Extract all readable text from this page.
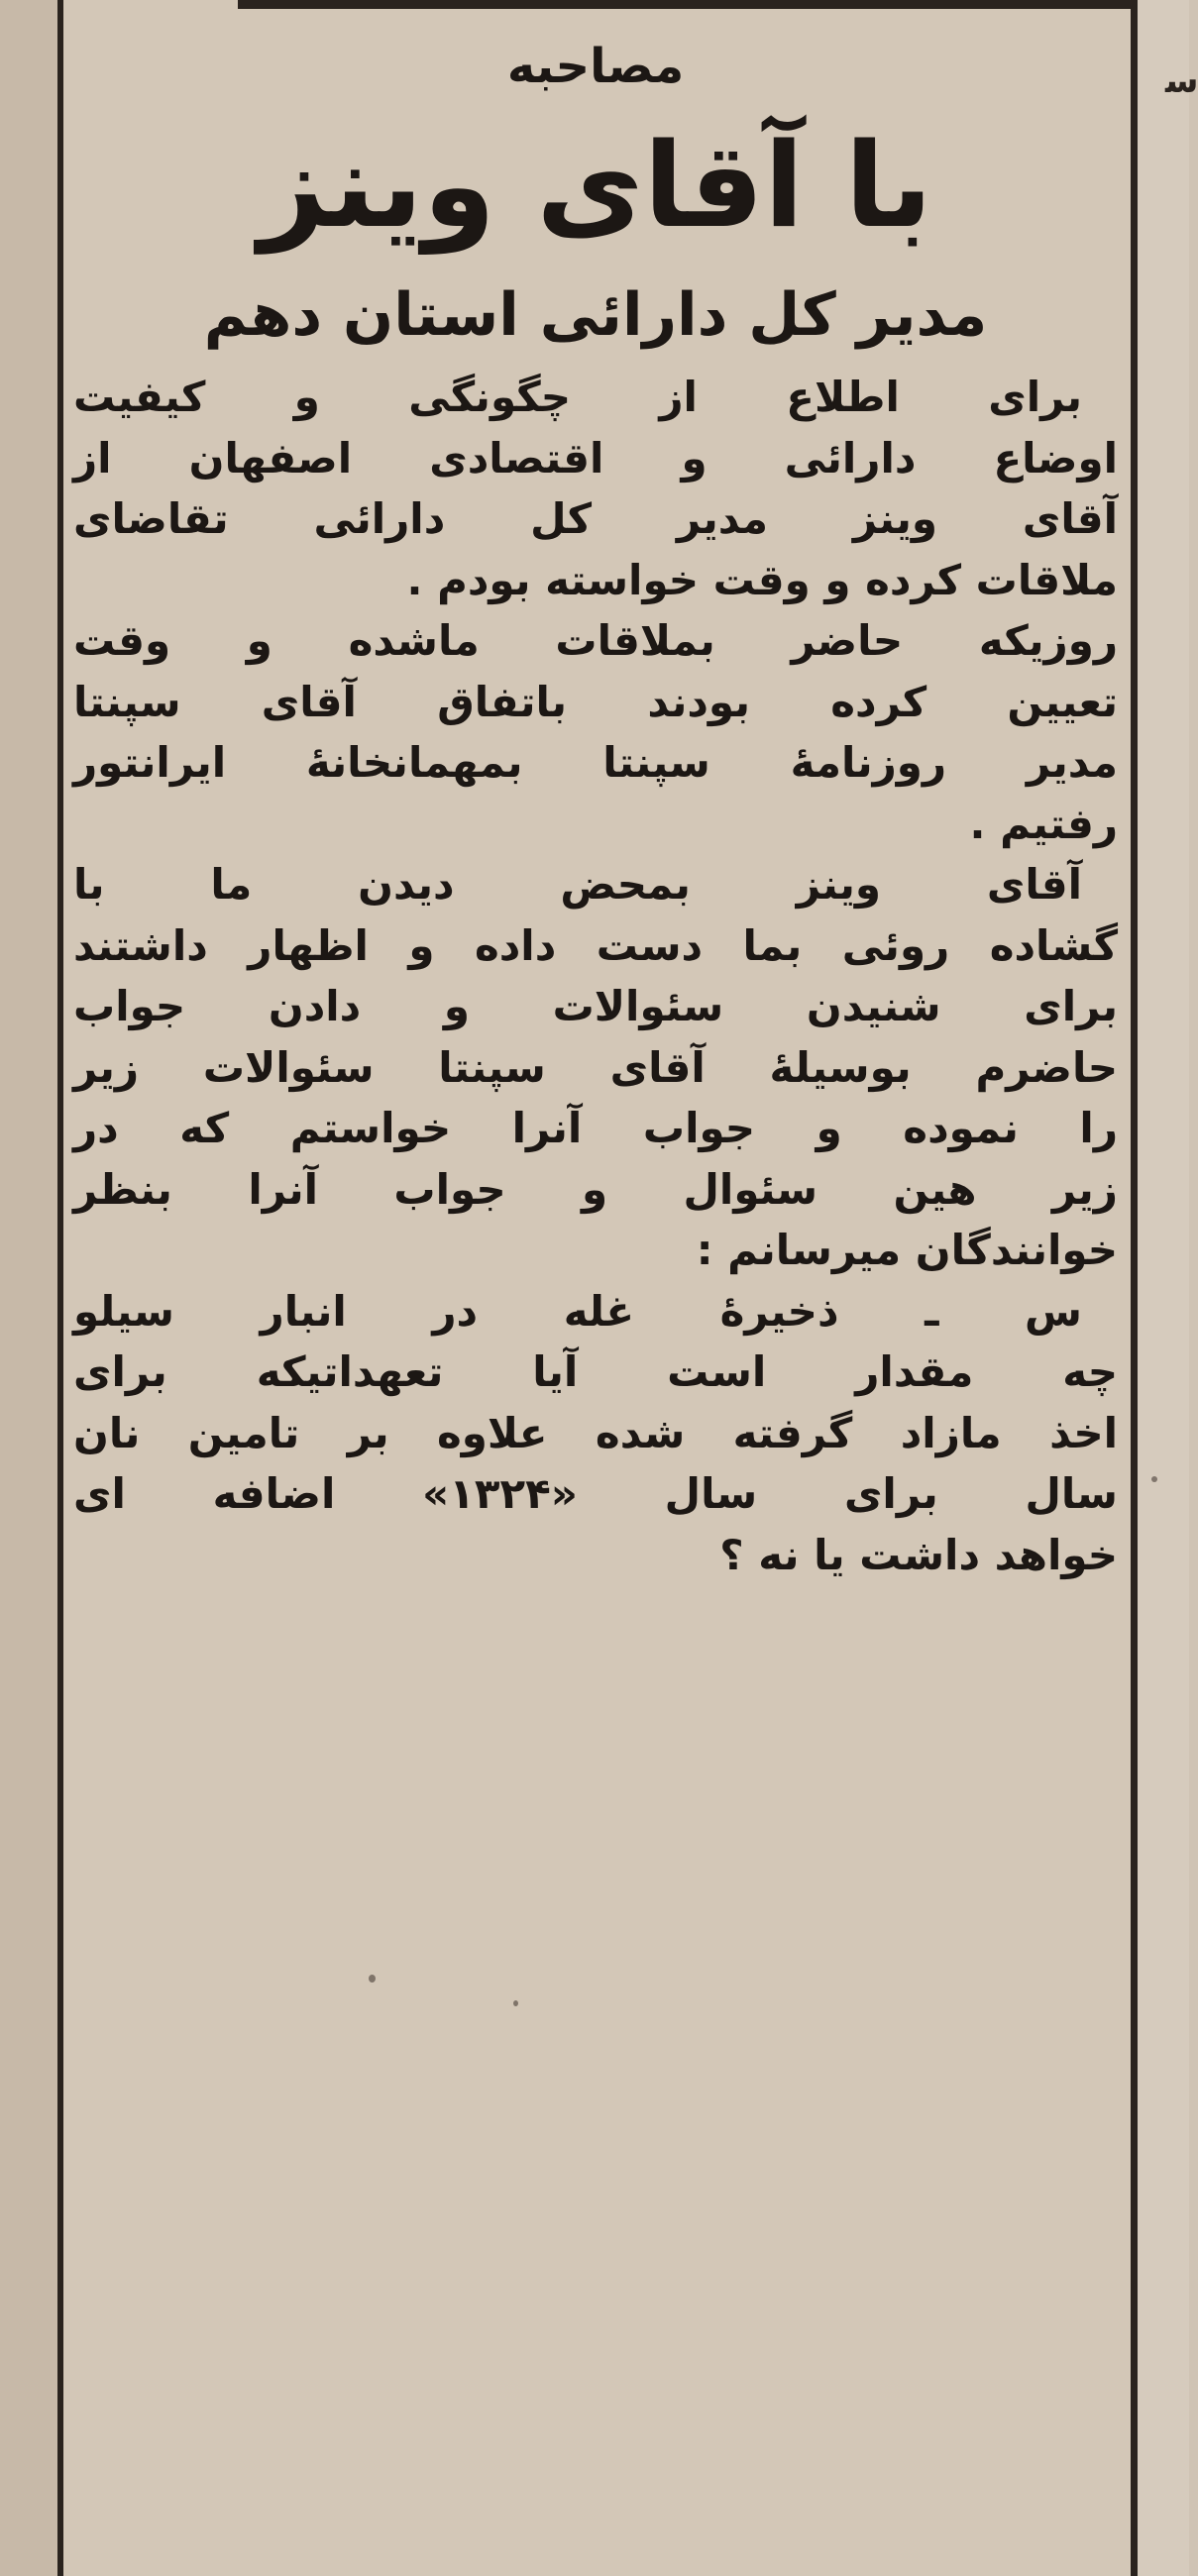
ﺳ
مصاحبه
با آقای وینز
مدیر کل دارائی استان دهم
برای اطلاع از چگونگی و کیفیت
اوضاع دارائی و اقتصادی اصفهان از
آقای وینز مدیر کل دارائی تقاضای
ملاقات کرده و وقت خواسته بودم .
روزیکه حاضر بملاقات ماشده و وقت
تعیین کرده بودند باتفاق آقای سپنتا
مدیر روزنامهٔ سپنتا بمهمانخانهٔ ایرانتور
رفتیم .
آقای وینز بمحض دیدن ما با
گشاده روئی بما دست داده و اظهار داشتند
برای شنیدن سئوالات و دادن جواب
حاضرم بوسیلهٔ آقای سپنتا سئوالات زیر
را نموده و جواب آنرا خواستم که در
زیر هین سئوال و جواب آنرا بنظر
خوانندگان میرسانم :
س ـ ذخیرهٔ غله در انبار سیلو
چه مقدار است آیا تعهداتیکه برای
اخذ مازاد گرفته شده علاوه بر تامین نان
سال برای سال «۱۳۲۴» اضافه ای
خواهد داشت یا نه ؟
